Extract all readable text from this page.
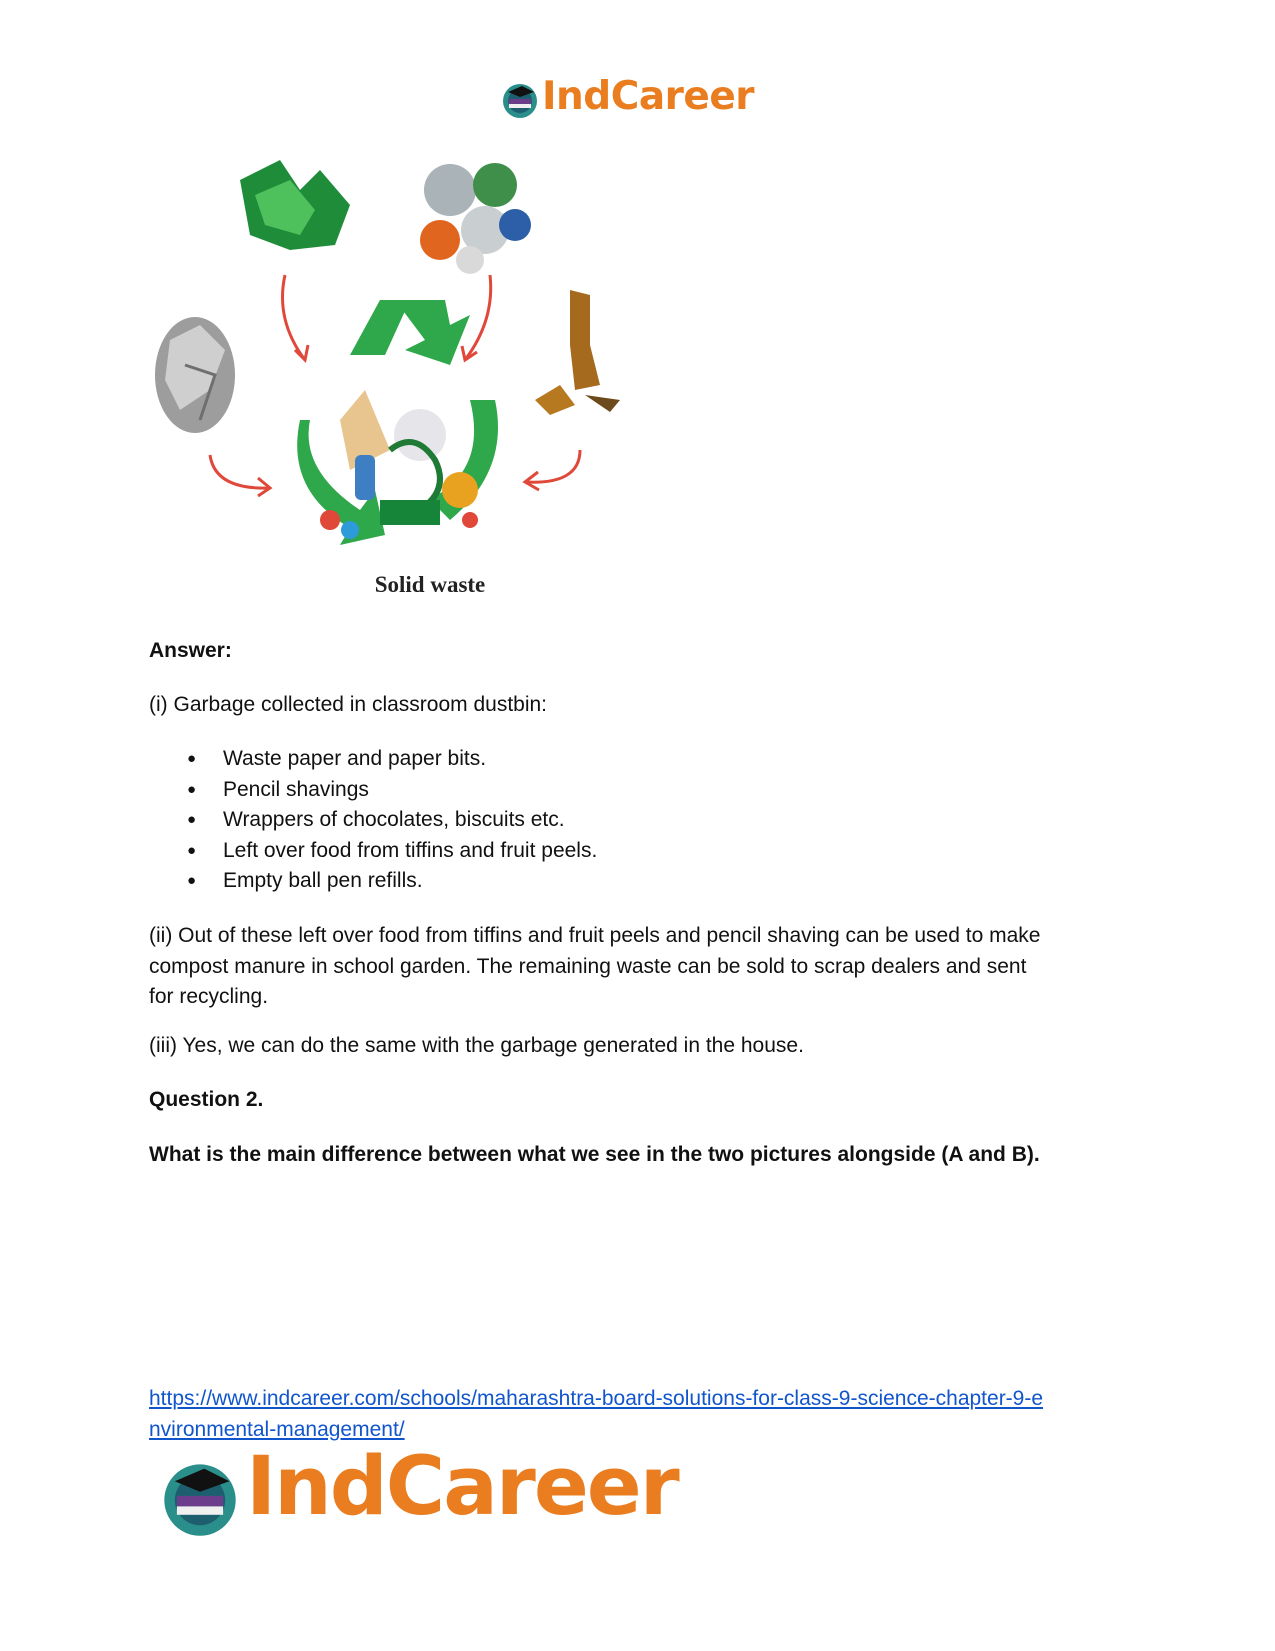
IndCareer
Solid waste
Answer:
(i) Garbage collected in classroom dustbin:
● Waste paper and paper bits.
● Pencil shavings
● Wrappers of chocolates, biscuits etc.
● Left over food from tiffins and fruit peels.
● Empty ball pen refills.
(ii) Out of these left over food from tiffins and fruit peels and pencil shaving can be used to make
compost manure in school garden. The remaining waste can be sold to scrap dealers and sent
for recycling.
(iii) Yes, we can do the same with the garbage generated in the house.
Question 2.
What is the main difference between what we see in the two pictures alongside (A and B).
https://www.indcareer.com/schools/maharashtra-board-solutions-for-class-9-science-chapter-9-e
nvironmental-management/
IndCareer
